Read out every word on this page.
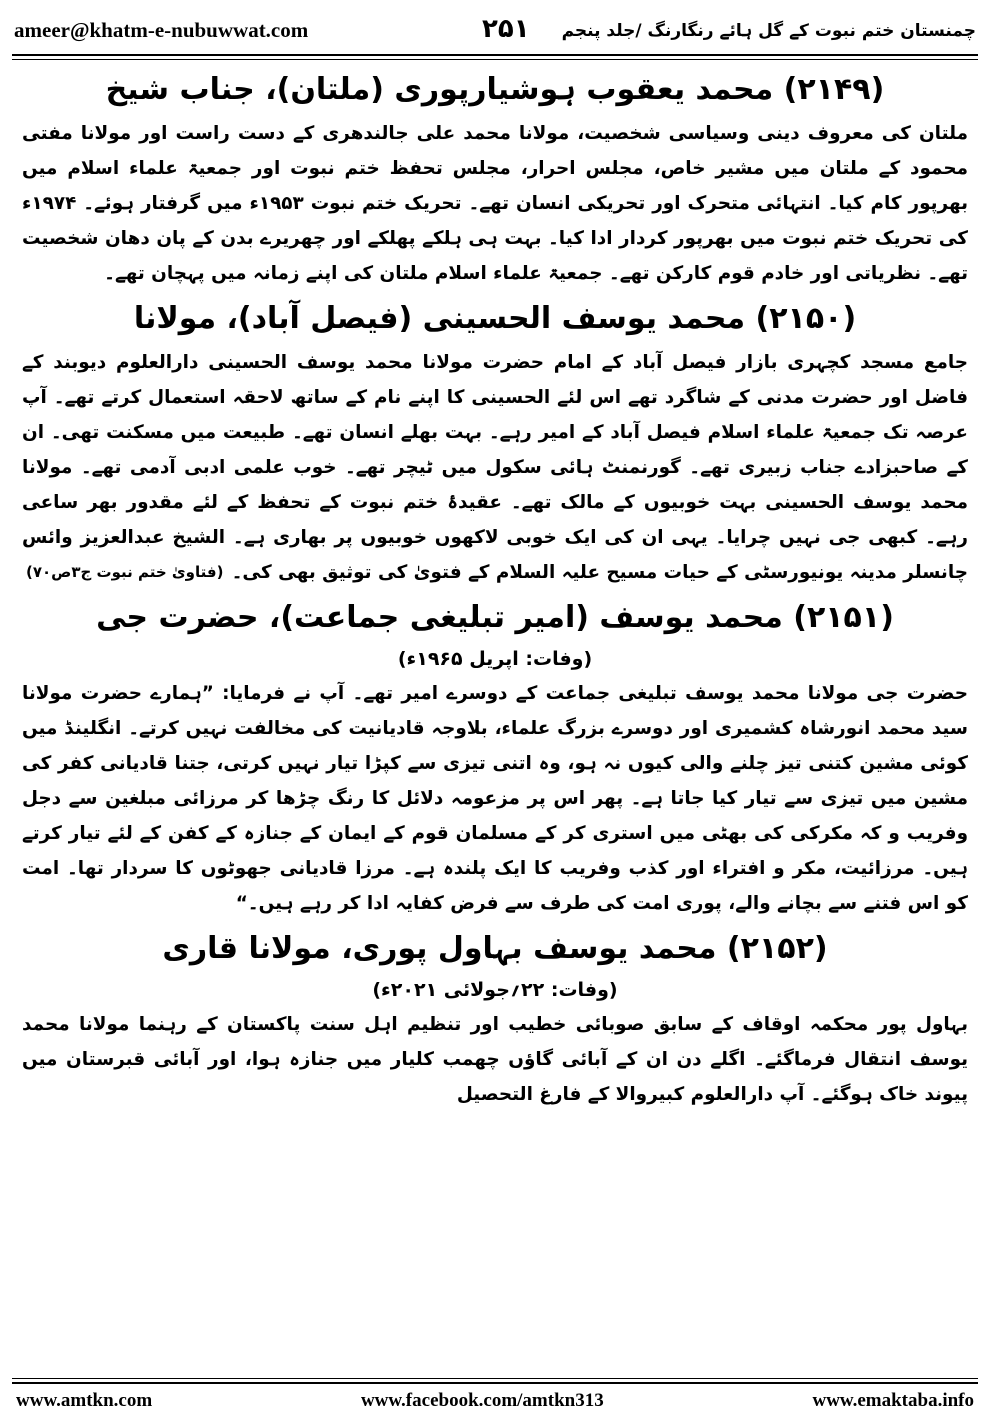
ameer@khatm-e-nubuwwat.com	۲۵۱ چمنستان ختم نبوت کے گل ہائے رنگارنگ /جلد پنجم
(۲۱۴۹) محمد یعقوب ہوشیارپوری (ملتان)، جناب شیخ

ملتان کی معروف دینی وسیاسی شخصیت، مولانا محمد علی جالندھری کے دست راست اور مولانا مفتی محمود کے ملتان میں مشیر خاص، مجلس احرار، مجلس تحفظ ختم نبوت اور جمعیۃ علماء اسلام میں بھرپور کام کیا۔ انتہائی متحرک اور تحریکی انسان تھے۔ تحریک ختم نبوت ۱۹۵۳ء میں گرفتار ہوئے۔ ۱۹۷۴ء کی تحریک ختم نبوت میں بھرپور کردار ادا کیا۔ بہت ہی ہلکے پھلکے اور چھریرے بدن کے پان دھان شخصیت تھے۔ نظریاتی اور خادم قوم کارکن تھے۔ جمعیۃ علماء اسلام ملتان کی اپنے زمانہ میں پہچان تھے۔

(۲۱۵۰) محمد یوسف الحسینی (فیصل آباد)، مولانا

جامع مسجد کچہری بازار فیصل آباد کے امام حضرت مولانا محمد یوسف الحسینی دارالعلوم دیوبند کے فاضل اور حضرت مدنی کے شاگرد تھے اس لئے الحسینی کا اپنے نام کے ساتھ لاحقہ استعمال کرتے تھے۔ آپ عرصہ تک جمعیۃ علماء اسلام فیصل آباد کے امیر رہے۔ بہت بھلے انسان تھے۔ طبیعت میں مسکنت تھی۔ ان کے صاحبزادے جناب زبیری تھے۔ گورنمنٹ ہائی سکول میں ٹیچر تھے۔ خوب علمی ادبی آدمی تھے۔ مولانا محمد یوسف الحسینی بہت خوبیوں کے مالک تھے۔ عقیدۂ ختم نبوت کے تحفظ کے لئے مقدور بھر ساعی رہے۔ کبھی جی نہیں چرایا۔ یہی ان کی ایک خوبی لاکھوں خوبیوں پر بھاری ہے۔ الشیخ عبدالعزیز وائس چانسلر مدینہ یونیورسٹی کے حیات مسیح علیہ السلام کے فتویٰ کی توثیق بھی کی۔
(فتاویٰ ختم نبوت ج۳ص۷۰)

(۲۱۵۱) محمد یوسف (امیر تبلیغی جماعت)، حضرت جی
(وفات: اپریل ۱۹۶۵ء)

حضرت جی مولانا محمد یوسف تبلیغی جماعت کے دوسرے امیر تھے۔ آپ نے فرمایا: ”ہمارے حضرت مولانا سید محمد انورشاہ کشمیری اور دوسرے بزرگ علماء، بلاوجہ قادیانیت کی مخالفت نہیں کرتے۔ انگلینڈ میں کوئی مشین کتنی تیز چلنے والی کیوں نہ ہو، وہ اتنی تیزی سے کپڑا تیار نہیں کرتی، جتنا قادیانی کفر کی مشین میں تیزی سے تیار کیا جاتا ہے۔ پھر اس پر مزعومہ دلائل کا رنگ چڑھا کر مرزائی مبلغین سے دجل وفریب و کہ مکرکی کی بھٹی میں استری کر کے مسلمان قوم کے ایمان کے جنازہ کے کفن کے لئے تیار کرتے ہیں۔ مرزائیت، مکر و افتراء اور کذب وفریب کا ایک پلندہ ہے۔ مرزا قادیانی جھوٹوں کا سردار تھا۔ امت کو اس فتنے سے بچانے والے، پوری امت کی طرف سے فرض کفایہ ادا کر رہے ہیں۔“

(۲۱۵۲) محمد یوسف بہاول پوری، مولانا قاری
(وفات: ۲۲؍جولائی ۲۰۲۱ء)

بہاول پور محکمہ اوقاف کے سابق صوبائی خطیب اور تنظیم اہل سنت پاکستان کے رہنما مولانا محمد یوسف انتقال فرماگئے۔ اگلے دن ان کے آبائی گاؤں چھمب کلیار میں جنازہ ہوا، اور آبائی قبرستان میں پیوند خاک ہوگئے۔ آپ دارالعلوم کبیروالا کے فارغ التحصیل

www.amtkn.com	www.facebook.com/amtkn313	www.emaktaba.info
